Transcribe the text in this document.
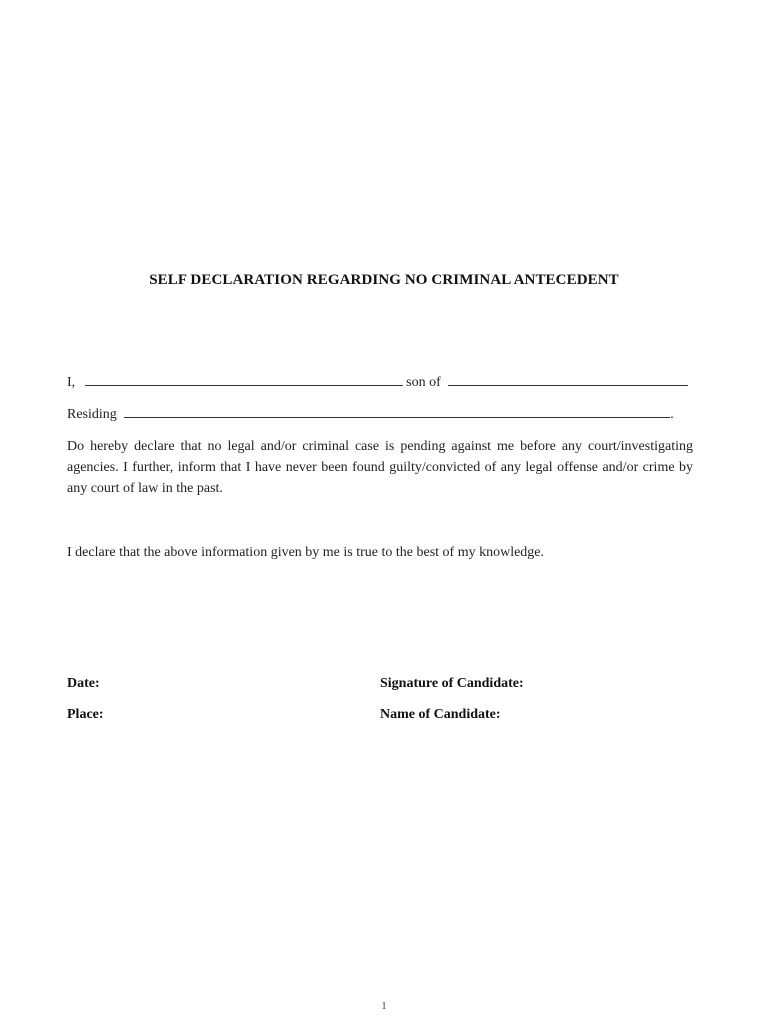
SELF DECLARATION REGARDING NO CRIMINAL ANTECEDENT
I,	son of
Residing	.
Do hereby declare that no legal and/or criminal case is pending against me before any court/investigating agencies. I further, inform that I have never been found guilty/convicted of any legal offense and/or crime by any court of law in the past.
I declare that the above information given by me is true to the best of my knowledge.
Date:
Place:
Signature of Candidate:
Name of Candidate:
1
